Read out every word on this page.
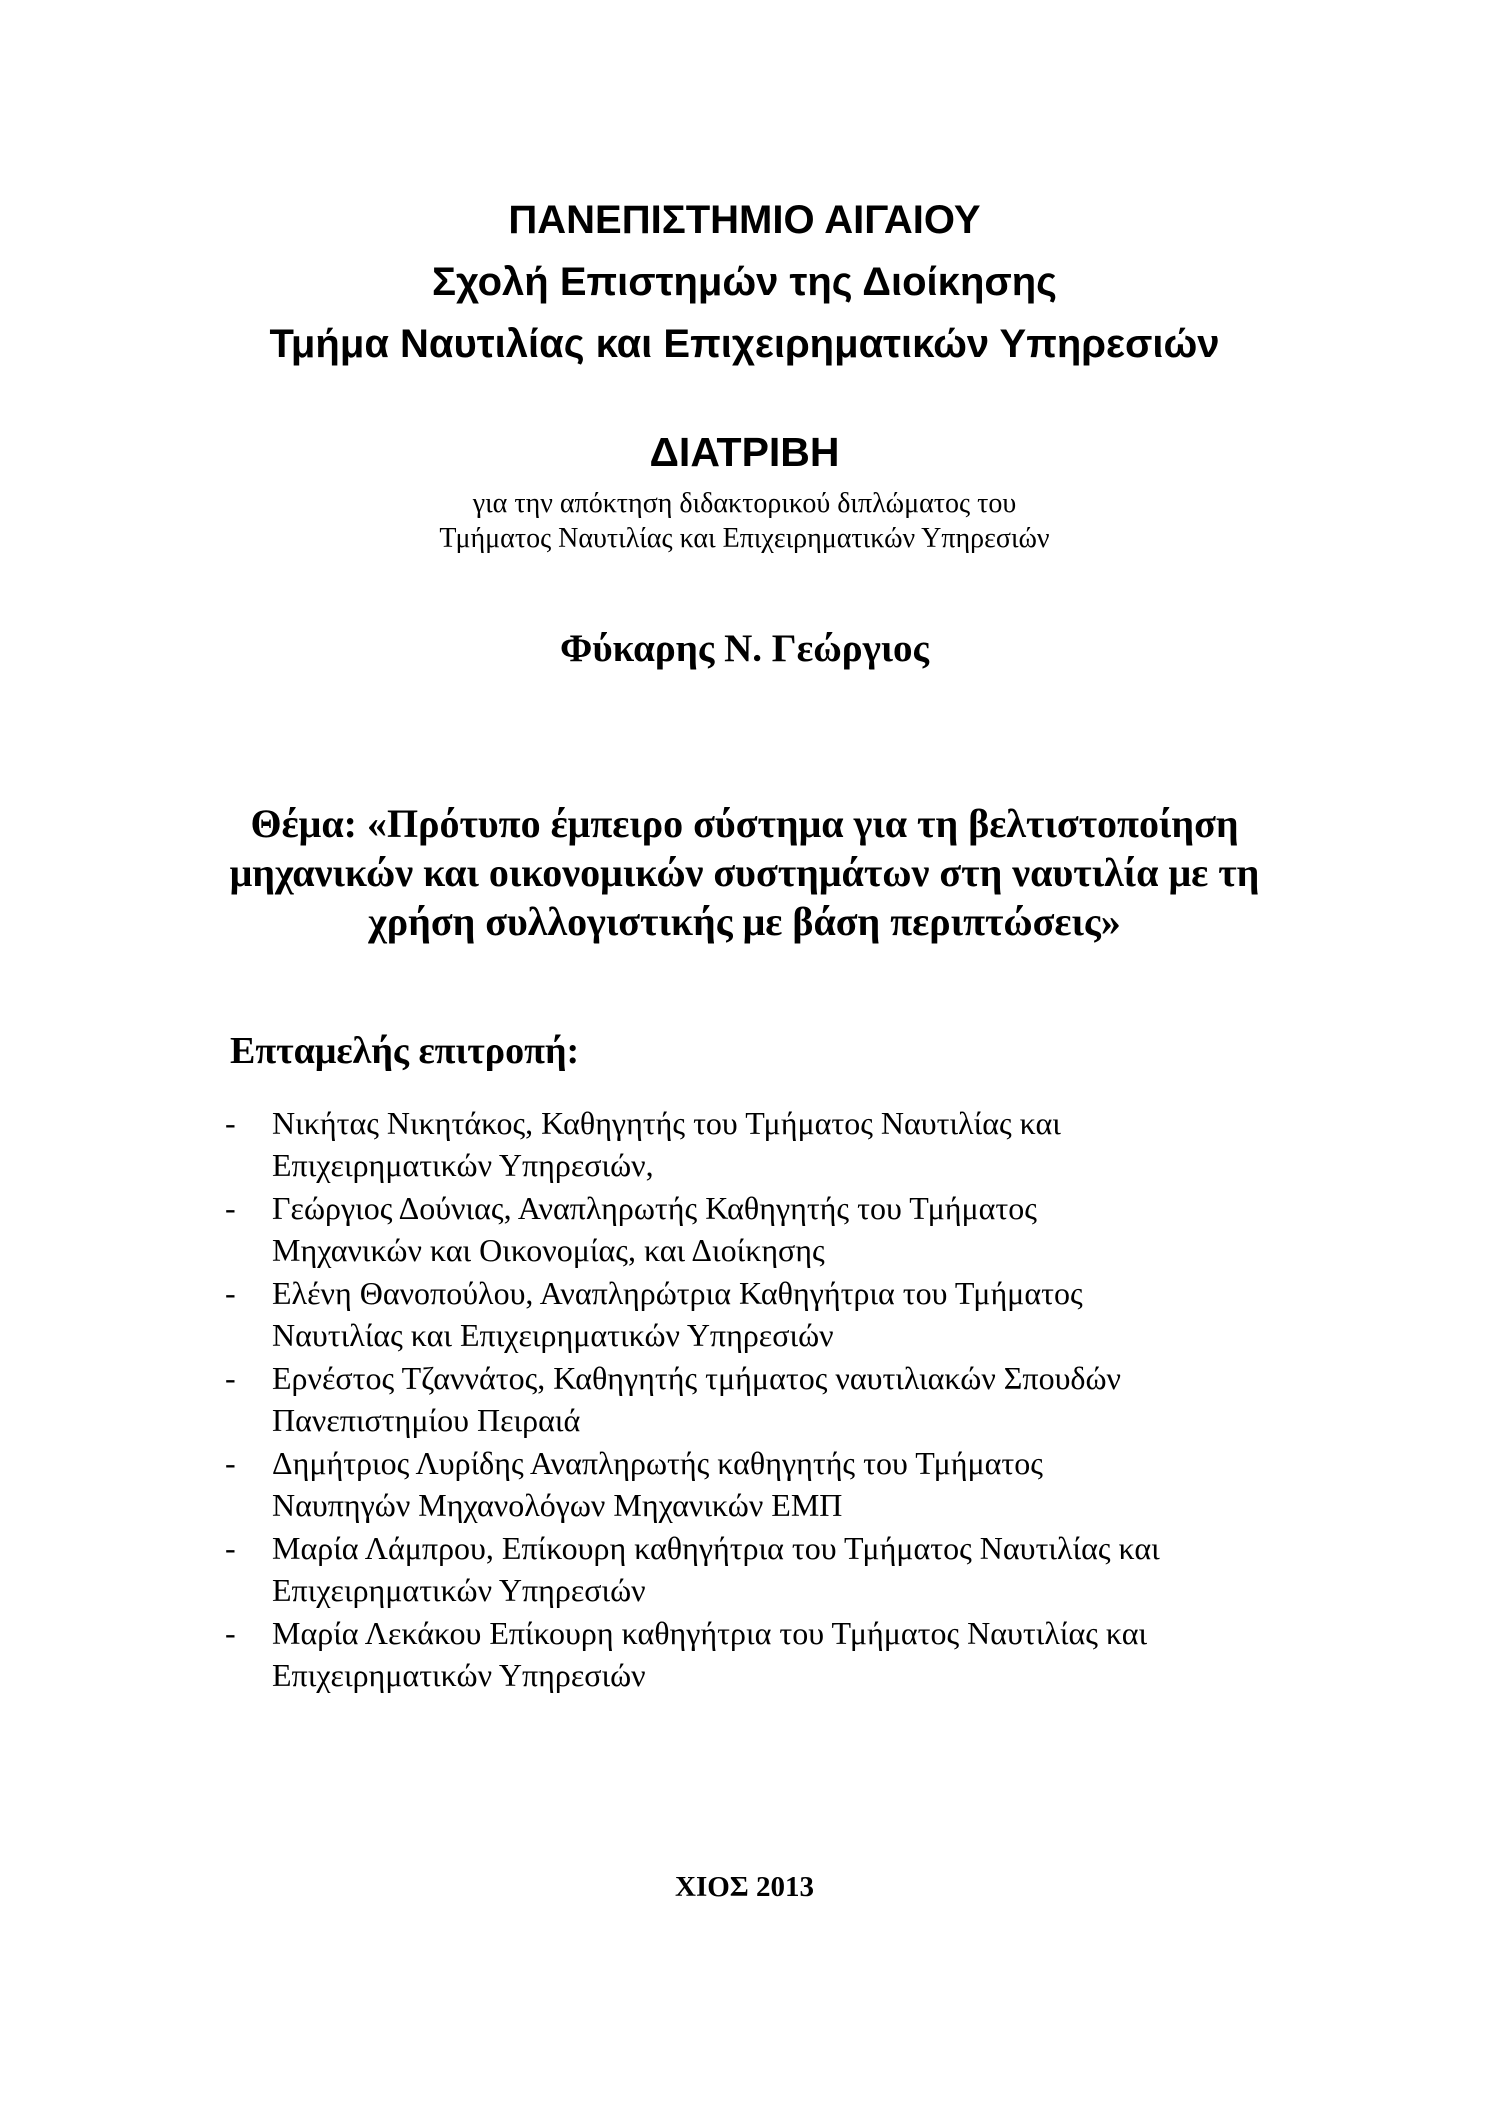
ΠΑΝΕΠΙΣΤΗΜΙΟ ΑΙΓΑΙΟΥ
Σχολή Επιστημών της Διοίκησης
Τμήμα Ναυτιλίας και Επιχειρηματικών Υπηρεσιών
ΔΙΑΤΡΙΒΗ
για την απόκτηση διδακτορικού διπλώματος του
Τμήματος Ναυτιλίας και Επιχειρηματικών Υπηρεσιών
Φύκαρης Ν. Γεώργιος
Θέμα: «Πρότυπο έμπειρο σύστημα για τη βελτιστοποίηση
μηχανικών και οικονομικών συστημάτων στη ναυτιλία με τη
χρήση συλλογιστικής με βάση περιπτώσεις»
Επταμελής επιτροπή:
- Νικήτας Νικητάκος, Καθηγητής του Τμήματος Ναυτιλίας και
Επιχειρηματικών Υπηρεσιών,
- Γεώργιος Δούνιας, Αναπληρωτής Καθηγητής του Τμήματος
Μηχανικών και Οικονομίας, και Διοίκησης
- Ελένη Θανοπούλου, Αναπληρώτρια Καθηγήτρια του Τμήματος
Ναυτιλίας και Επιχειρηματικών Υπηρεσιών
- Ερνέστος Τζαννάτος, Καθηγητής τμήματος ναυτιλιακών Σπουδών
Πανεπιστημίου Πειραιά
- Δημήτριος Λυρίδης Αναπληρωτής καθηγητής του Τμήματος
Ναυπηγών Μηχανολόγων Μηχανικών ΕΜΠ
- Μαρία Λάμπρου, Επίκουρη καθηγήτρια του Τμήματος Ναυτιλίας και
Επιχειρηματικών Υπηρεσιών
- Μαρία Λεκάκου Επίκουρη καθηγήτρια του Τμήματος Ναυτιλίας και
Επιχειρηματικών Υπηρεσιών
ΧΙΟΣ 2013
